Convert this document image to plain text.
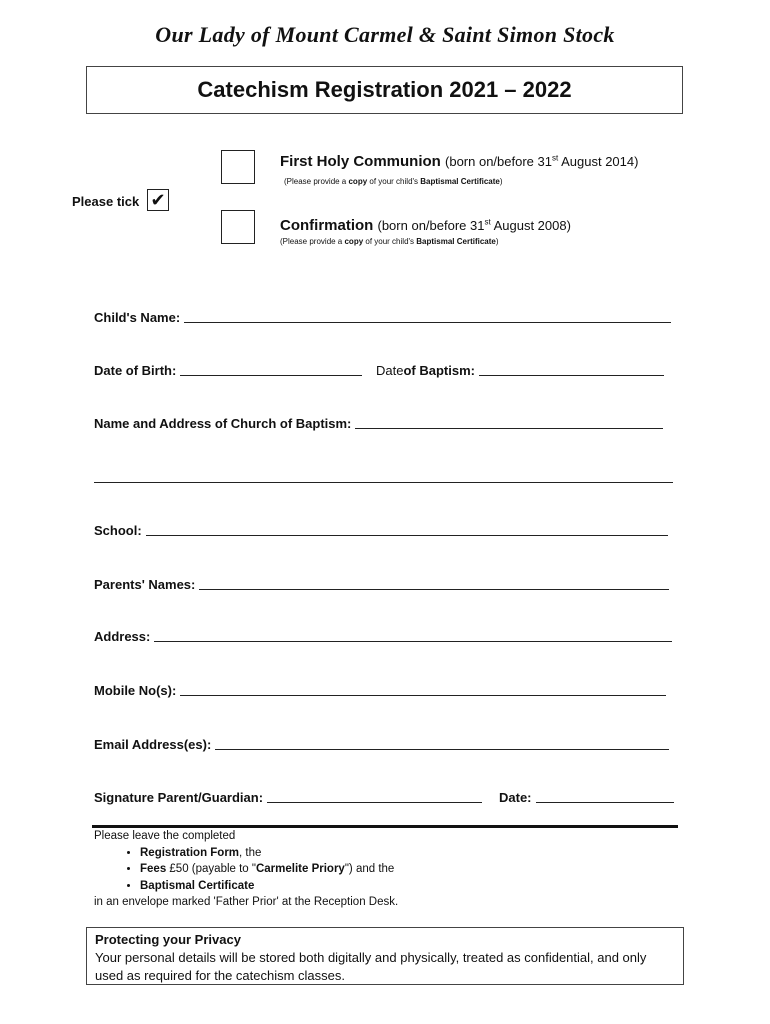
Our Lady of Mount Carmel & Saint Simon Stock
Catechism Registration 2021 – 2022
Please tick ✔
First Holy Communion (born on/before 31st August 2014)
(Please provide a copy of your child's Baptismal Certificate)
Confirmation (born on/before 31st August 2008)
(Please provide a copy of your child's Baptismal Certificate)
Child's Name:
Date of Birth:	Date of Baptism:
Name and Address of Church of Baptism:
School:
Parents' Names:
Address:
Mobile No(s):
Email Address(es):
Signature Parent/Guardian:	Date:
Please leave the completed
• Registration Form, the
• Fees £50 (payable to "Carmelite Priory") and the
• Baptismal Certificate
in an envelope marked 'Father Prior' at the Reception Desk.
Protecting your Privacy
Your personal details will be stored both digitally and physically, treated as confidential, and only used as required for the catechism classes.
